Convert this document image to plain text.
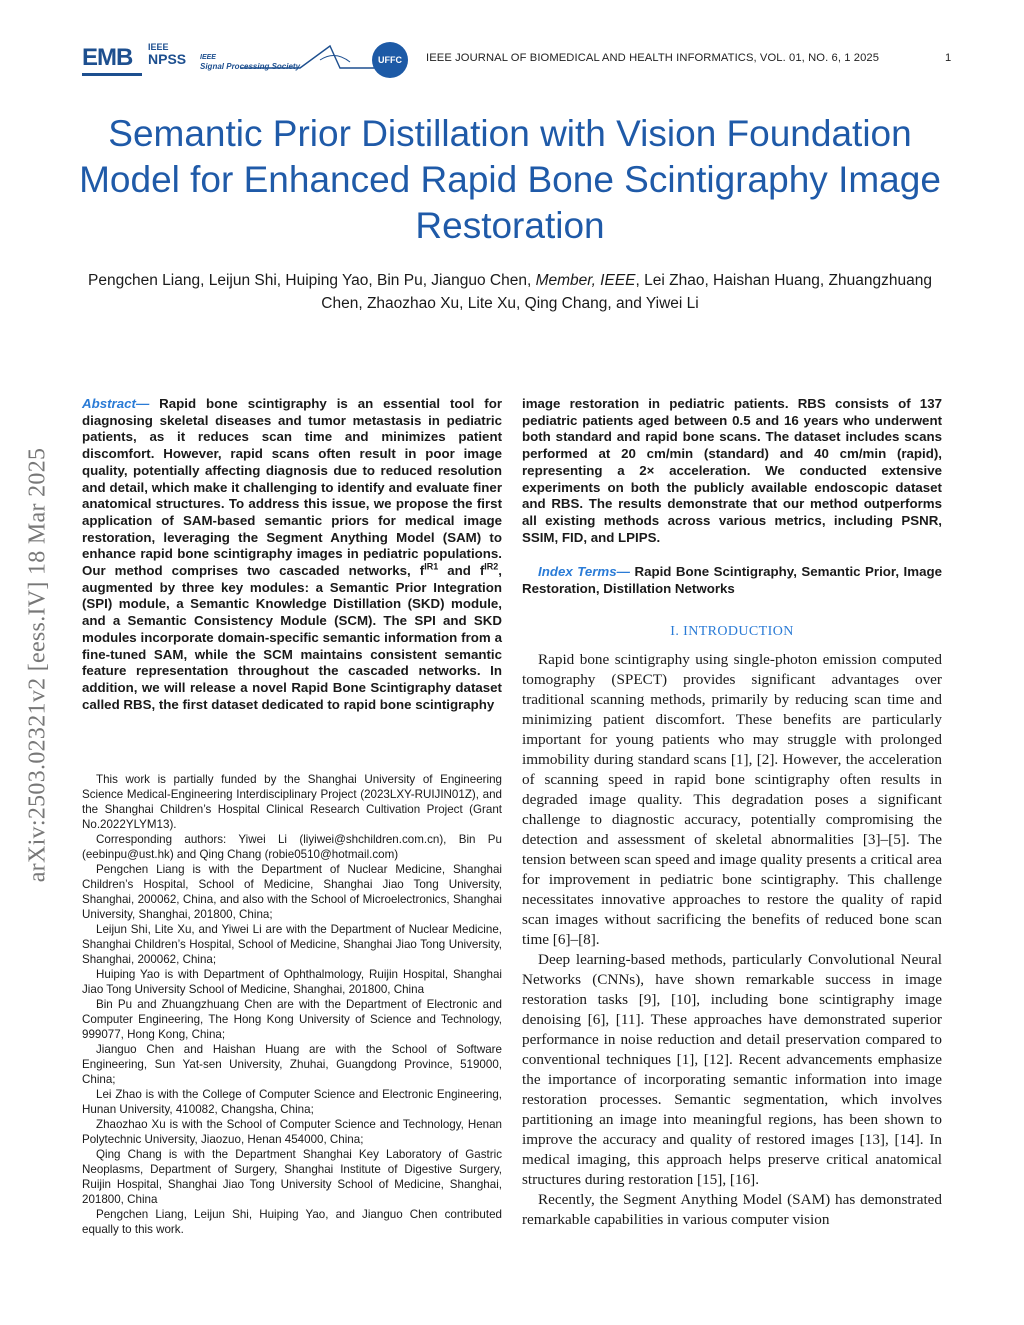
EMB IEEE
NPSS IEEE
Signal Processing Society
UFFC	IEEE JOURNAL OF BIOMEDICAL AND HEALTH INFORMATICS, VOL. 01, NO. 6, 1 2025	1
Semantic Prior Distillation with Vision Foundation Model for Enhanced Rapid Bone Scintigraphy Image Restoration
Pengchen Liang, Leijun Shi, Huiping Yao, Bin Pu, Jianguo Chen, Member, IEEE, Lei Zhao, Haishan Huang, Zhuangzhuang Chen, Zhaozhao Xu, Lite Xu, Qing Chang, and Yiwei Li
arXiv:2503.02321v2 [eess.IV] 18 Mar 2025

Abstract— Rapid bone scintigraphy is an essential tool for diagnosing skeletal diseases and tumor metastasis in pediatric patients, as it reduces scan time and minimizes patient discomfort. However, rapid scans often result in poor image quality, potentially affecting diagnosis due to reduced resolution and detail, which make it challenging to identify and evaluate finer anatomical structures. To address this issue, we propose the first application of SAM-based semantic priors for medical image restoration, leveraging the Segment Anything Model (SAM) to enhance rapid bone scintigraphy images in pediatric populations. Our method comprises two cascaded networks, $f^{IR1}$ and $f^{IR2}$, augmented by three key modules: a Semantic Prior Integration (SPI) module, a Semantic Knowledge Distillation (SKD) module, and a Semantic Consistency Module (SCM). The SPI and SKD modules incorporate domain-specific semantic information from a fine-tuned SAM, while the SCM maintains consistent semantic feature representation throughout the cascaded networks. In addition, we will release a novel Rapid Bone Scintigraphy dataset called RBS, the first dataset dedicated to rapid bone scintigraphy

This work is partially funded by the Shanghai University of Engineering Science Medical-Engineering Interdisciplinary Project (2023LXY-RUIJIN01Z), and the Shanghai Children’s Hospital Clinical Research Cultivation Project (Grant No.2022YLYM13).

Corresponding authors: Yiwei Li (liyiwei@shchildren.com.cn), Bin Pu (eebinpu@ust.hk) and Qing Chang (robie0510@hotmail.com)

Pengchen Liang is with the Department of Nuclear Medicine, Shanghai Children’s Hospital, School of Medicine, Shanghai Jiao Tong University, Shanghai, 200062, China, and also with the School of Microelectronics, Shanghai University, Shanghai, 201800, China;

Leijun Shi, Lite Xu, and Yiwei Li are with the Department of Nuclear Medicine, Shanghai Children’s Hospital, School of Medicine, Shanghai Jiao Tong University, Shanghai, 200062, China;

Huiping Yao is with Department of Ophthalmology, Ruijin Hospital, Shanghai Jiao Tong University School of Medicine, Shanghai, 201800, China

Bin Pu and Zhuangzhuang Chen are with the Department of Electronic and Computer Engineering, The Hong Kong University of Science and Technology, 999077, Hong Kong, China;

Jianguo Chen and Haishan Huang are with the School of Software Engineering, Sun Yat-sen University, Zhuhai, Guangdong Province, 519000, China;

Lei Zhao is with the College of Computer Science and Electronic Engineering, Hunan University, 410082, Changsha, China;

Zhaozhao Xu is with the School of Computer Science and Technology, Henan Polytechnic University, Jiaozuo, Henan 454000, China;

Qing Chang is with the Department Shanghai Key Laboratory of Gastric Neoplasms, Department of Surgery, Shanghai Institute of Digestive Surgery, Ruijin Hospital, Shanghai Jiao Tong University School of Medicine, Shanghai, 201800, China

Pengchen Liang, Leijun Shi, Huiping Yao, and Jianguo Chen contributed equally to this work.

image restoration in pediatric patients. RBS consists of 137 pediatric patients aged between 0.5 and 16 years who underwent both standard and rapid bone scans. The dataset includes scans performed at 20 cm/min (standard) and 40 cm/min (rapid), representing a 2× acceleration. We conducted extensive experiments on both the publicly available endoscopic dataset and RBS. The results demonstrate that our method outperforms all existing methods across various metrics, including PSNR, SSIM, FID, and LPIPS.

Index Terms— Rapid Bone Scintigraphy, Semantic Prior, Image Restoration, Distillation Networks

I. INTRODUCTION

Rapid bone scintigraphy using single-photon emission computed tomography (SPECT) provides significant advantages over traditional scanning methods, primarily by reducing scan time and minimizing patient discomfort. These benefits are particularly important for young patients who may struggle with prolonged immobility during standard scans [1], [2]. However, the acceleration of scanning speed in rapid bone scintigraphy often results in degraded image quality. This degradation poses a significant challenge to diagnostic accuracy, potentially compromising the detection and assessment of skeletal abnormalities [3]–[5]. The tension between scan speed and image quality presents a critical area for improvement in pediatric bone scintigraphy. This challenge necessitates innovative approaches to restore the quality of rapid scan images without sacrificing the benefits of reduced bone scan time [6]–[8].

Deep learning-based methods, particularly Convolutional Neural Networks (CNNs), have shown remarkable success in image restoration tasks [9], [10], including bone scintigraphy image denoising [6], [11]. These approaches have demonstrated superior performance in noise reduction and detail preservation compared to conventional techniques [1], [12]. Recent advancements emphasize the importance of incorporating semantic information into image restoration processes. Semantic segmentation, which involves partitioning an image into meaningful regions, has been shown to improve the accuracy and quality of restored images [13], [14]. In medical imaging, this approach helps preserve critical anatomical structures during restoration [15], [16].

Recently, the Segment Anything Model (SAM) has demonstrated remarkable capabilities in various computer vision
